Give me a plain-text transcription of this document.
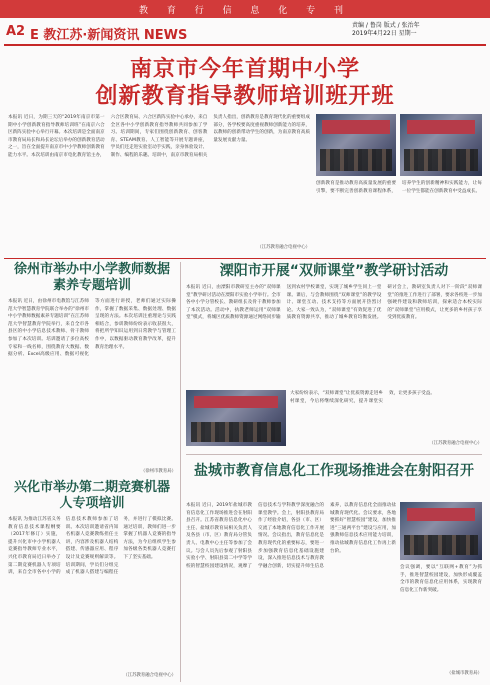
教 育 行 信 息 化 专 刊
A2 E 教江苏·新闻资讯 NEWS
责编 / 鲁岗 版式 / 张治年
2019年4月22日 星期一
南京市今年首期中小学
创新教育指导教师培训班开班
本报讯 近日，为期三天的“2019年南京市第一期中小学创新教育指导教师培训班”在南京六合区新阵实验中心举行开幕。本次培训是全面南京市教育局局长和局长论坛后举办的创新教育活动之一，旨在全面提升南京市中小学教师创新教育能力水平。本次培训由南京市电化教育馆主办，六合区教育局、六合区新阵实验中心承办，来自全区各中小学创新教育指导教师共同参加了学习。培训期间，专家们围绕创新教育、创客教育、STEAM教育、人工智能等开展专题讲座，学员们还走进实验室动手实践，亲身体验设计、制作、编程的乐趣。培训中，南京市教育局相关负责人指出，创新教育是教育现代化的重要组成部分，各学校要高度重视教师创新能力的培养，以教师的创新带动学生的创新，为南京教育高质量发展贡献力量。
（江苏教育融合电视中心）
创新教育是推动教育高质量发展的重要引擎，要不断完善创新教育课程体系，培养学生的创新精神和实践能力，让每一位学生都能在创新教育中受益成长。
徐州市举办中小学教师数据素养专题培训
本报讯 近日，由徐州市电教馆与江苏师范大学智慧教育学院联合举办的“徐州市中小学教师数据素养专题培训”在江苏师范大学智慧教育学院举行，来自全市各县区的中小学信息技术教师、骨干教师参加了本次培训。培训邀请了多位高校专家和一线名师，围绕教育大数据、数据分析、Excel高级应用、数据可视化等方面进行讲授，老师们通过实际操作，掌握了数据采集、数据处理、数据呈现的方法。本次培训注重理论与实践相结合，参训教师纷纷表示收获很大，将把所学知识运用到日常教学与管理工作中，以数据驱动教育教学改革，提升教育治理水平。
（徐州市教育局）
溧阳市开展“双师课堂”教学研讨活动
本报讯 近日，由溧阳市教研室主办的“双师课堂”教学研讨活动在溧阳市实验小学举行。全市各中小学分管校长、教研组长及骨干教师参加了本次活动。活动中，执教老师运用“双师课堂”模式，将城区优质教师资源通过网络同步输送到农村学校课堂，实现了城乡学生同上一堂课。课后，与会教师围绕“双师课堂”的教学设计、课堂互动、技术支持等方面展开热烈讨论。大家一致认为，“双师课堂”有效促进了优质教育资源共享，推动了城乡教育均衡发展。研讨会上，教研室负责人对下一阶段“双师课堂”的推进工作进行了部署，要求各校进一步加强硬件建设和教师培训，探索适合本校实际的“双师课堂”应用模式，让更多的乡村孩子享受到优质教育。
大家纷纷表示，“双师课堂”让优质资源走进乡村课堂，今后将继续深化研究，提升课堂实效，让更多孩子受益。
（江苏教育融合电视中心）
兴化市举办第二期竞赛机器人专项培训
本报讯 为推动江苏省义务教育信息技术课程纲要（2017年修订）实施，提升兴化市中小学机器人竞赛指导教师专业水平，兴化市教育局近日举办了第二期竞赛机器人专项培训，来自全市各中小学的信息技术教师参加了培训。本次培训邀请省内知名机器人竞赛教练担任主讲，内容涉及机器人结构搭建、传感器应用、程序设计及竞赛规则解读等。培训期间，学员们分组完成了机器人搭建与编程任务，并进行了模拟比赛。通过培训，教师们进一步掌握了机器人竞赛的指导方法，为今后组织学生参加各级各类机器人竞赛打下了坚实基础。
（江苏教育融合电视中心）
盐城市教育信息化工作现场推进会在射阳召开
本报讯 近日，2019年盐城市教育信息化工作现场推进会在射阳县召开。江苏省教育信息化中心主任、盐城市教育局相关负责人及各县（市、区）教育局分管负责人、电教中心主任等参加了会议。与会人员先后参观了射阳县实验小学、射阳县第二中学等学校的智慧校园建设情况，观摩了信息技术与学科教学深度融合的课堂教学。会上，射阳县教育局作了经验介绍，各县（市、区）交流了本地教育信息化工作开展情况。会议指出，教育信息化是教育现代化的重要标志，要进一步加强教育信息化基础设施建设，深入推进信息技术与教育教学融合创新，切实提升师生信息素养，以教育信息化全面推动盐城教育现代化。会议要求，各地要抓好“智慧校园”建设，加快推进“三通两平台”建设与应用，加强教师信息技术应用能力培训，推动盐城教育信息化工作再上新台阶。
会议强调，要以“互联网+教育”为抓手，推进智慧校园建设，加快形成覆盖全市的教育信息化应用体系，实现教育信息化工作新突破。
（盐城市教育局）
